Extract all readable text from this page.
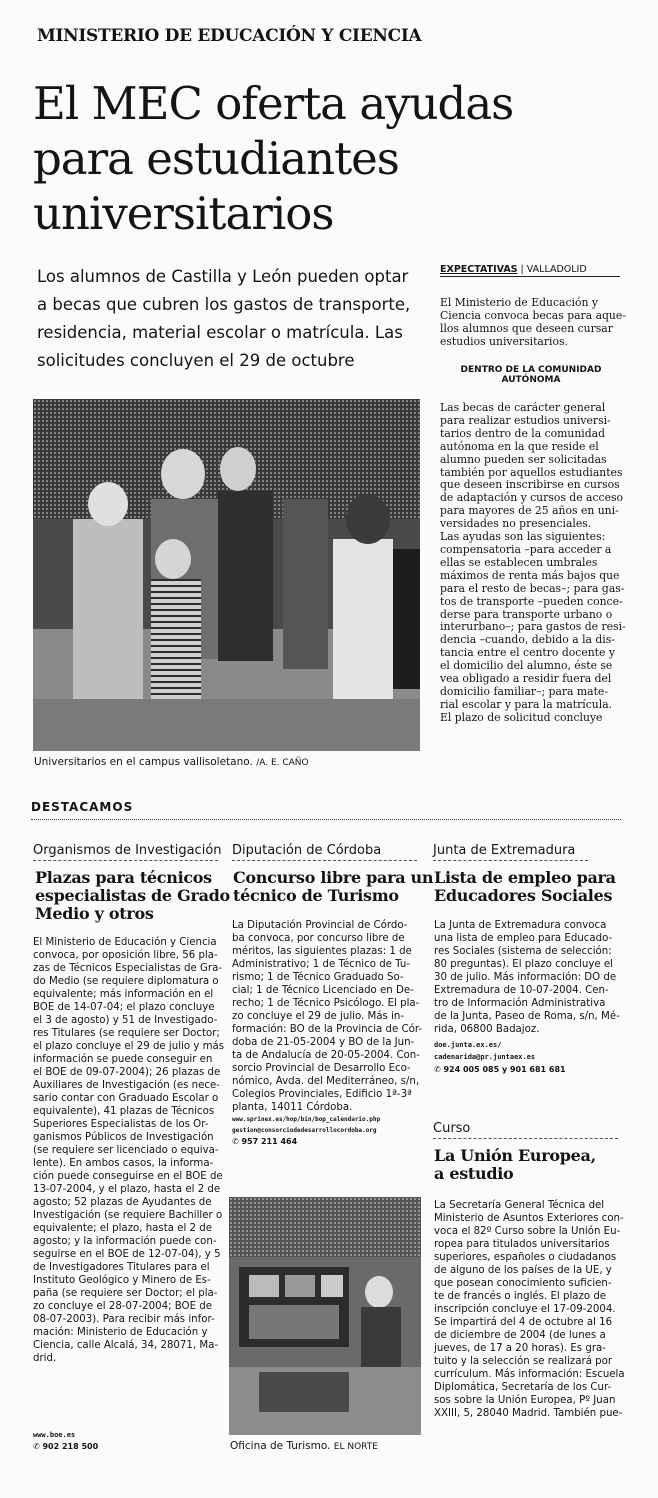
MINISTERIO DE EDUCACIÓN Y CIENCIA
El MEC oferta ayudas
para estudiantes
universitarios

Los alumnos de Castilla y León pueden optar
a becas que cubren los gastos de transporte,
residencia, material escolar o matrícula. Las
solicitudes concluyen el 29 de octubre

EXPECTATIVAS | VALLADOLID

El Ministerio de Educación y
Ciencia convoca becas para aque-
llos alumnos que deseen cursar
estudios universitarios.

DENTRO DE LA COMUNIDAD
AUTÓNOMA

Las becas de carácter general
para realizar estudios universi-
tarios dentro de la comunidad
autónoma en la que reside el
alumno pueden ser solicitadas
también por aquellos estudiantes
que deseen inscribirse en cursos
de adaptación y cursos de acceso
para mayores de 25 años en uni-
versidades no presenciales.
Las ayudas son las siguientes:
compensatoria –para acceder a
ellas se establecen umbrales
máximos de renta más bajos que
para el resto de becas–; para gas-
tos de transporte –pueden conce-
derse para transporte urbano o
interurbano–; para gastos de resi-
dencia –cuando, debido a la dis-
tancia entre el centro docente y
el domicilio del alumno, éste se
vea obligado a residir fuera del
domicilio familiar–; para mate-
rial escolar y para la matrícula.
El plazo de solicitud concluye

Universitarios en el campus vallisoletano. /A. E. CAÑO
DESTACAMOS
Organismos de Investigación
Plazas para técnicos
especialistas de Grado
Medio y otros

El Ministerio de Educación y Ciencia
convoca, por oposición libre, 56 pla-
zas de Técnicos Especialistas de Gra-
do Medio (se requiere diplomatura o
equivalente; más información en el
BOE de 14-07-04; el plazo concluye
el 3 de agosto) y 51 de Investigado-
res Titulares (se requiere ser Doctor;
el plazo concluye el 29 de julio y más
información se puede conseguir en
el BOE de 09-07-2004); 26 plazas de
Auxiliares de Investigación (es nece-
sario contar con Graduado Escolar o
equivalente), 41 plazas de Técnicos
Superiores Especialistas de los Or-
ganismos Públicos de Investigación
(se requiere ser licenciado o equiva-
lente). En ambos casos, la informa-
ción puede conseguirse en el BOE de
13-07-2004, y el plazo, hasta el 2 de
agosto; 52 plazas de Ayudantes de
Investigación (se requiere Bachiller o
equivalente; el plazo, hasta el 2 de
agosto; y la información puede con-
seguirse en el BOE de 12-07-04), y 5
de Investigadores Titulares para el
Instituto Geológico y Minero de Es-
paña (se requiere ser Doctor; el pla-
zo concluye el 28-07-2004; BOE de
08-07-2003). Para recibir más infor-
mación: Ministerio de Educación y
Ciencia, calle Alcalá, 34, 28071, Ma-
drid.

www.boe.es
✆ 902 218 500
Diputación de Córdoba
Concurso libre para un
técnico de Turismo

La Diputación Provincial de Córdo-
ba convoca, por concurso libre de
méritos, las siguientes plazas: 1 de
Administrativo; 1 de Técnico de Tu-
rismo; 1 de Técnico Graduado So-
cial; 1 de Técnico Licenciado en De-
recho; 1 de Técnico Psicólogo. El pla-
zo concluye el 29 de julio. Más in-
formación: BO de la Provincia de Cór-
doba de 21-05-2004 y BO de la Jun-
ta de Andalucía de 20-05-2004. Con-
sorcio Provincial de Desarrollo Eco-
nómico, Avda. del Mediterráneo, s/n,
Colegios Provinciales, Edificio 1ª-3ª
planta, 14011 Córdoba.

www.sprinex.es/hop/bin/bop_calendario.php
gestion@consorciodedesarrollocordoba.org
✆ 957 211 464
Oficina de Turismo. EL NORTE
Junta de Extremadura
Lista de empleo para
Educadores Sociales

La Junta de Extremadura convoca
una lista de empleo para Educado-
res Sociales (sistema de selección:
80 preguntas). El plazo concluye el
30 de julio. Más información: DO de
Extremadura de 10-07-2004. Cen-
tro de Información Administrativa
de la Junta, Paseo de Roma, s/n, Mé-
rida, 06800 Badajoz.

doe.junta.ex.es/
cadenarida@pr.juntaex.es
✆ 924 005 085 y 901 681 681
Curso
La Unión Europea,
a estudio

La Secretaría General Técnica del
Ministerio de Asuntos Exteriores con-
voca el 82º Curso sobre la Unión Eu-
ropea para titulados universitarios
superiores, españoles o ciudadanos
de alguno de los países de la UE, y
que posean conocimiento suficien-
te de francés o inglés. El plazo de
inscripción concluye el 17-09-2004.
Se impartirá del 4 de octubre al 16
de diciembre de 2004 (de lunes a
jueves, de 17 a 20 horas). Es gra-
tuito y la selección se realizará por
currículum. Más información: Escuela
Diplomática, Secretaría de los Cur-
sos sobre la Unión Europea, Pº Juan
XXIII, 5, 28040 Madrid. También pue-
